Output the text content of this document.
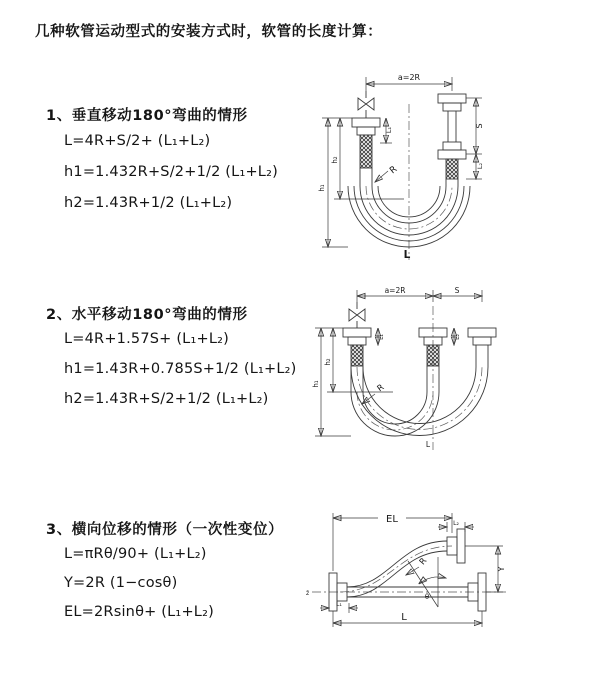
几种软管运动型式的安装方式时，软管的长度计算：
1、垂直移动180°弯曲的情形
L=4R+S/2+ (L₁+L₂)
h1=1.432R+S/2+1/2 (L₁+L₂)
h2=1.43R+1/2 (L₁+L₂)
2、水平移动180°弯曲的情形
L=4R+1.57S+ (L₁+L₂)
h1=1.43R+0.785S+1/2 (L₁+L₂)
h2=1.43R+S/2+1/2 (L₁+L₂)
3、横向位移的情形（一次性变位）
L=πRθ/90+ (L₁+L₂)
Y=2R (1−cosθ)
EL=2Rsinθ+ (L₁+L₂)
a=2R
h₁
h₂
L₁
S
L₂
R
L
a=2R	S
h₁
h₂
L₁	L₂
R
L
z̄
EL	L₂
Y
L
L₁
θ
R
